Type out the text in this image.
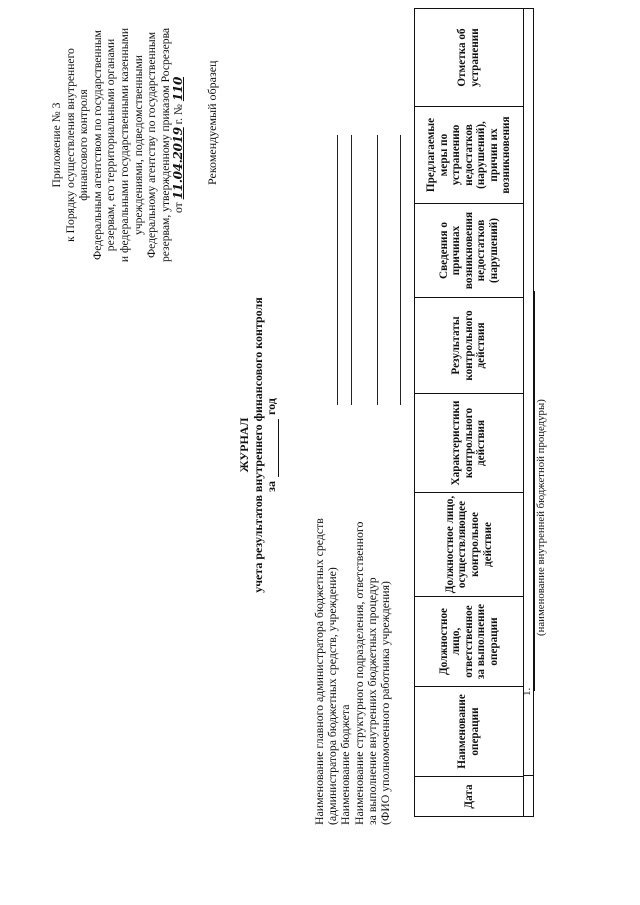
Приложение № 3 к Порядку осуществления внутреннего финансового контроля Федеральным агентством по государственным резервам, его территориальными органами и федеральными государственными казенными учреждениями, подведомственными Федеральному агентству по государственным резервам, утвержденному приказом Росрезерва от 11.04.2019 г. № 110 Рекомендуемый образец
ЖУРНАЛ учета результатов внутреннего финансового контроля за
год
Наименование главного администратора бюджетных средств (администратора бюджетных средств, учреждение) Наименование бюджета Наименование структурного подразделения, ответственного за выполнение внутренних бюджетных процедур (ФИО уполномоченного работника учреждения)	Дата
Наименование операции
Должностное лицо, ответственное за выполнение операции
Должностное лицо, осуществляющее контрольное действие
Характеристики контрольного действия
Результаты контрольного действия
Сведения о причинах возникновения недостатков (нарушений)
Предлагаемые меры по устранению недостатков (нарушений), причин их возникновения
Отметка об устранении
1.
(наименование внутренней бюджетной процедуры)
